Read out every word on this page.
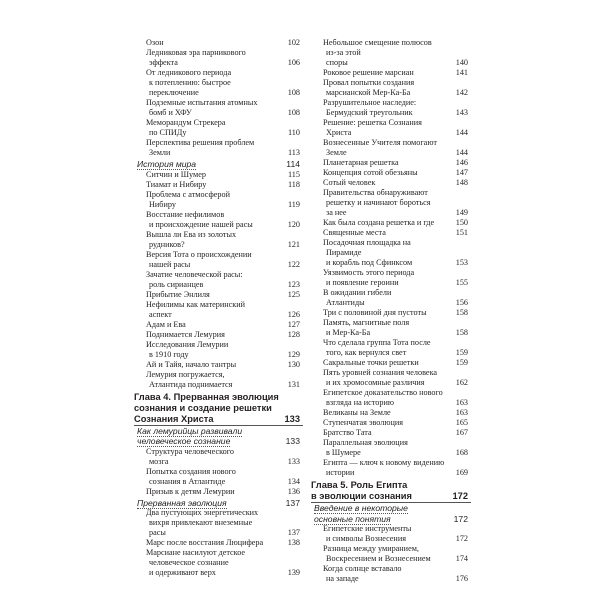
Озон	102
Ледниковая эра парникового
эффекта	106
От ледникового периода
к потеплению: быстрое
переключение	108
Подземные испытания атомных
бомб и ХФУ	108
Меморандум Стрекера
по СПИДу	110
Перспектива решения проблем
Земли	113
История мира	114
Ситчин и Шумер	115
Тиамат и Нибиру	118
Проблема с атмосферой
Нибиру	119
Восстание нефилимов
и происхождение нашей расы	120
Вышла ли Ева из золотых
рудников?	121
Версия Тота о происхождении
нашей расы	122
Зачатие человеческой расы:
роль сирианцев	123
Прибытие Энлиля	125
Нефилимы как материнский
аспект	126
Адам и Ева	127
Поднимается Лемурия	128
Исследования Лемурии
в 1910 году	129
Ай и Тайя, начало тантры	130
Лемурия погружается,
Атлантида поднимается	131
Глава 4. Прерванная эволюция
сознания и создание решетки
Сознания Христа	133
Как лемурийцы развивали
человеческое сознание	133
Структура человеческого
мозга	133
Попытка создания нового
сознания в Атлантиде	134
Призыв к детям Лемурии	136
Прерванная эволюция	137
Два пустующих энергетических
вихря привлекают внеземные
расы	137
Марс после восстания Люцифера	138
Марсиане насилуют детское
человеческое сознание
и одерживают верх	139
Небольшое смещение полюсов
из-за этой
споры	140
Роковое решение марсиан	141
Провал попытки создания
марсианской Мер-Ка-Ба	142
Разрушительное наследие:
Бермудский треугольник	143
Решение: решетка Сознания
Христа	144
Вознесенные Учителя помогают
Земле	144
Планетарная решетка	146
Концепция сотой обезьяны	147
Сотый человек	148
Правительства обнаруживают
решетку и начинают бороться
за нее	149
Как была создана решетка и где	150
Священные места	151
Посадочная площадка на Пирамиде
и корабль под Сфинксом	153
Уязвимость этого периода
и появление героини	155
В ожидании гибели
Атлантиды	156
Три с половиной дня пустоты	158
Память, магнитные поля
и Мер-Ка-Ба	158
Что сделала группа Тота после
того, как вернулся свет	159
Сакральные точки решетки	159
Пять уровней сознания человека
и их хромосомные различия	162
Египетское доказательство нового
взгляда на историю	163
Великаны на Земле	163
Ступенчатая эволюция	165
Братство Тата	167
Параллельная эволюция
в Шумере	168
Египта — ключ к новому видению
истории	169
Глава 5. Роль Египта
в эволюции сознания	172
Введение в некоторые
основные понятия	172
Египетские инструменты
и символы Вознесения	172
Разница между умиранием,
Воскресением и Вознесением	174
Когда солнце вставало
на западе	176
